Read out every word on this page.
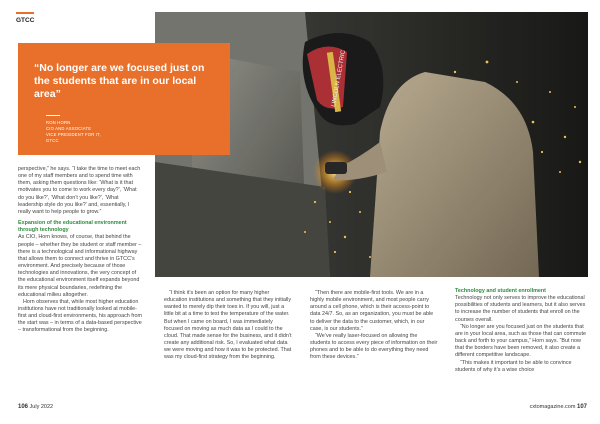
GTCC
LINCOLN ELECTRIC
“No longer are we focused just on the students that are in our local area”
RON HORN
CIO AND ASSOCIATE
VICE PRESIDENT FOR IT,
GTCC

perspective,” he says. “I take the time to meet each one of my staff members and to spend time with them, asking them questions like: ‘What is it that motivates you to come to work every day?’, ‘What do you like?’, ‘What don’t you like?’, ‘What leadership style do you like?’ and, essentially, I really want to help people to grow.”

Expansion of the educational environment through technology

As CIO, Horn knows, of course, that behind the people – whether they be student or staff member – there is a technological and informational highway that allows them to connect and thrive in GTCC’s environment. And precisely because of those technologies and innovations, the very concept of the educational environment itself expands beyond its mere physical boundaries, redefining the educational milieu altogether.

Horn observes that, while most higher education institutions have not traditionally looked at mobile-first and cloud-first environments, his approach from the start was – in terms of a data-based perspective – transformational from the beginning.

“I think it’s been an option for many higher education institutions and something that they initially wanted to merely dip their toes in. If you will, just a little bit at a time to test the temperature of the water. But when I came on board, I was immediately focused on moving as much data as I could to the cloud. That made sense for the business, and it didn’t create any additional risk. So, I evaluated what data we were moving and how it was to be protected. That was my cloud-first strategy from the beginning.

“Then there are mobile-first tools. We are in a highly mobile environment, and most people carry around a cell phone, which is their access-point to data 24/7. So, as an organization, you must be able to deliver the data to the customer, which, in our case, is our students.”

“We’ve really laser-focused on allowing the students to access every piece of information on their phones and to be able to do everything they need from these devices.”

Technology and student enrollment

Technology not only serves to improve the educational possibilities of students and learners, but it also serves to increase the number of students that enroll on the courses overall.

“No longer are you focused just on the students that are in your local area, such as those that can commute back and forth to your campus,” Horn says. “But now that the borders have been removed, it also create a different competitive landscape.

“This makes it important to be able to convince students of why it’s a wise choice

106 July 2022	cxtomagazine.com 107
